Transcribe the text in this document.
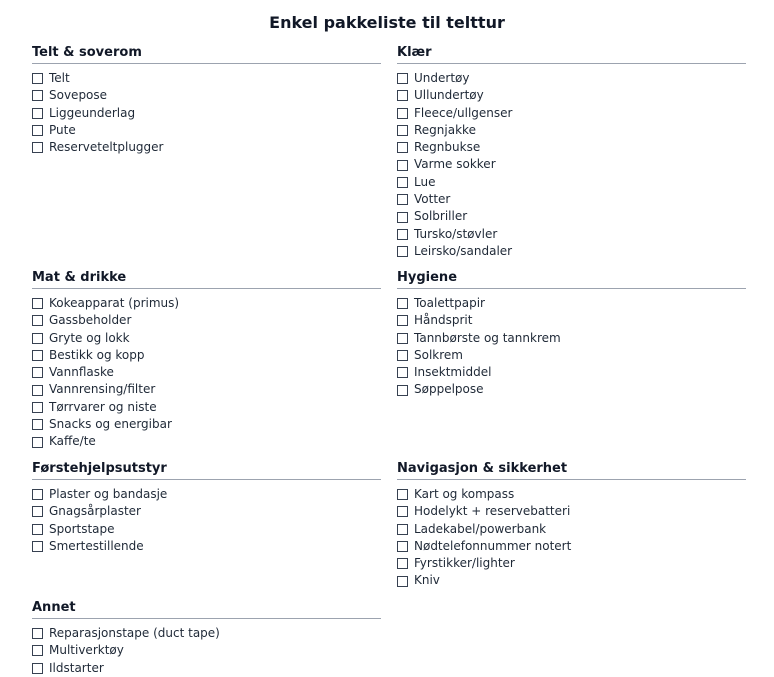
Enkel pakkeliste til telttur
Telt & soverom
Telt
Sovepose
Liggeunderlag
Pute
Reserveteltplugger
Klær
Undertøy
Ullundertøy
Fleece/ullgenser
Regnjakke
Regnbukse
Varme sokker
Lue
Votter
Solbriller
Tursko/støvler
Leirsko/sandaler
Mat & drikke
Kokeapparat (primus)
Gassbeholder
Gryte og lokk
Bestikk og kopp
Vannflaske
Vannrensing/filter
Tørrvarer og niste
Snacks og energibar
Kaffe/te
Hygiene
Toalettpapir
Håndsprit
Tannbørste og tannkrem
Solkrem
Insektmiddel
Søppelpose
Førstehjelpsutstyr
Plaster og bandasje
Gnagsårplaster
Sportstape
Smertestillende
Navigasjon & sikkerhet
Kart og kompass
Hodelykt + reservebatteri
Ladekabel/powerbank
Nødtelefonnummer notert
Fyrstikker/lighter
Kniv
Annet
Reparasjonstape (duct tape)
Multiverktøy
Ildstarter
